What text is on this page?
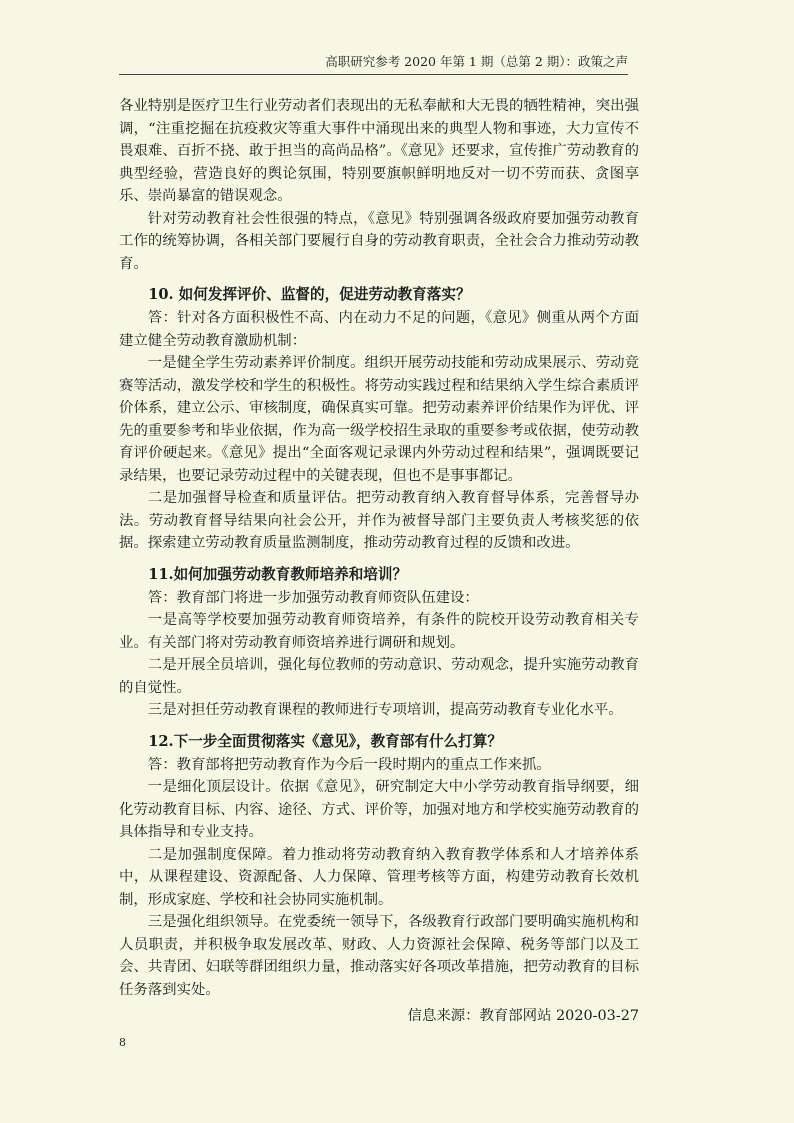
高职研究参考 2020 年第 1 期（总第 2 期）：政策之声

各业特别是医疗卫生行业劳动者们表现出的无私奉献和大无畏的牺牲精神，突出强调，“注重挖掘在抗疫救灾等重大事件中涌现出来的典型人物和事迹，大力宣传不畏艰难、百折不挠、敢于担当的高尚品格”。《意见》还要求，宣传推广劳动教育的典型经验，营造良好的舆论氛围，特别要旗帜鲜明地反对一切不劳而获、贪图享乐、崇尚暴富的错误观念。

针对劳动教育社会性很强的特点，《意见》特别强调各级政府要加强劳动教育工作的统筹协调，各相关部门要履行自身的劳动教育职责，全社会合力推动劳动教育。

10. 如何发挥评价、监督的，促进劳动教育落实？

答：针对各方面积极性不高、内在动力不足的问题，《意见》侧重从两个方面建立健全劳动教育激励机制：

一是健全学生劳动素养评价制度。组织开展劳动技能和劳动成果展示、劳动竞赛等活动，激发学校和学生的积极性。将劳动实践过程和结果纳入学生综合素质评价体系，建立公示、审核制度，确保真实可靠。把劳动素养评价结果作为评优、评先的重要参考和毕业依据，作为高一级学校招生录取的重要参考或依据，使劳动教育评价硬起来。《意见》提出“全面客观记录课内外劳动过程和结果”，强调既要记录结果，也要记录劳动过程中的关键表现，但也不是事事都记。

二是加强督导检查和质量评估。把劳动教育纳入教育督导体系，完善督导办法。劳动教育督导结果向社会公开，并作为被督导部门主要负责人考核奖惩的依据。探索建立劳动教育质量监测制度，推动劳动教育过程的反馈和改进。

11.如何加强劳动教育教师培养和培训？

答：教育部门将进一步加强劳动教育师资队伍建设：

一是高等学校要加强劳动教育师资培养，有条件的院校开设劳动教育相关专业。有关部门将对劳动教育师资培养进行调研和规划。

二是开展全员培训，强化每位教师的劳动意识、劳动观念，提升实施劳动教育的自觉性。

三是对担任劳动教育课程的教师进行专项培训，提高劳动教育专业化水平。

12.下一步全面贯彻落实《意见》，教育部有什么打算？

答：教育部将把劳动教育作为今后一段时期内的重点工作来抓。

一是细化顶层设计。依据《意见》，研究制定大中小学劳动教育指导纲要，细化劳动教育目标、内容、途径、方式、评价等，加强对地方和学校实施劳动教育的具体指导和专业支持。

二是加强制度保障。着力推动将劳动教育纳入教育教学体系和人才培养体系中，从课程建设、资源配备、人力保障、管理考核等方面，构建劳动教育长效机制，形成家庭、学校和社会协同实施机制。

三是强化组织领导。在党委统一领导下，各级教育行政部门要明确实施机构和人员职责，并积极争取发展改革、财政、人力资源社会保障、税务等部门以及工会、共青团、妇联等群团组织力量，推动落实好各项改革措施，把劳动教育的目标任务落到实处。

信息来源：教育部网站 2020-03-27

8
